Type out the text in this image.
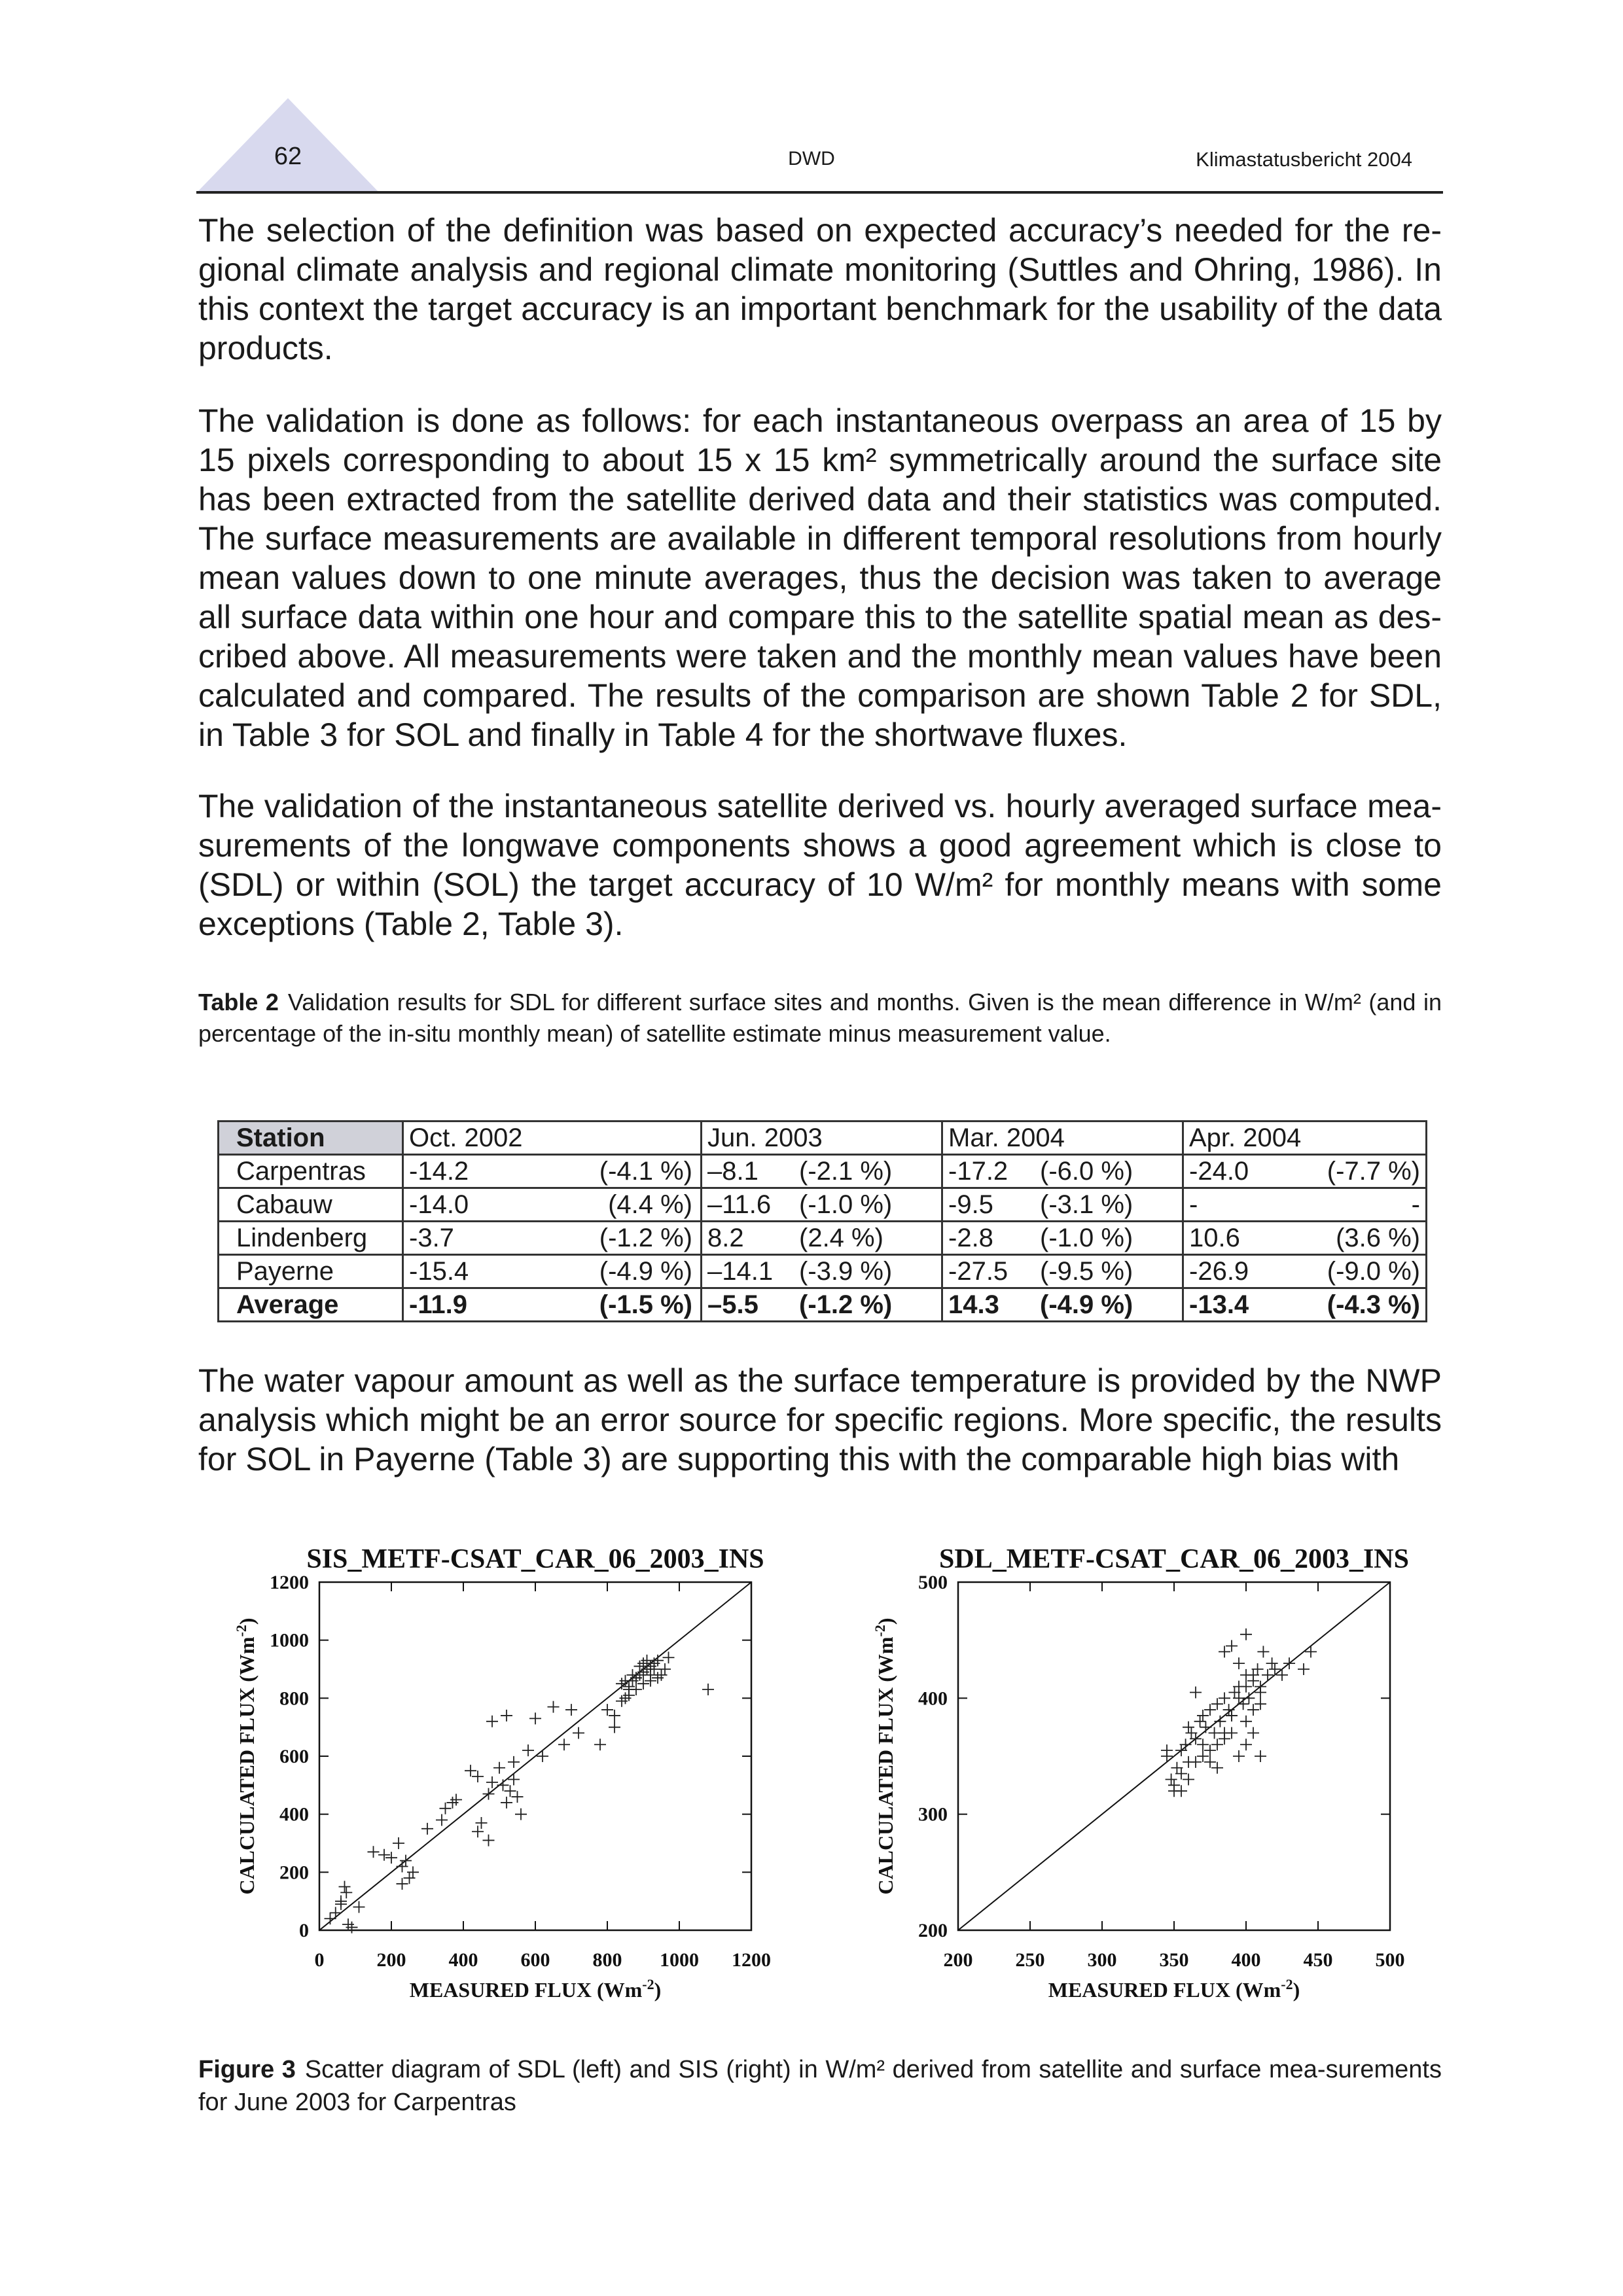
62	DWD	Klimastatusbericht 2004

The selection of the definition was based on expected accuracy’s needed for the re-gional climate analysis and regional climate monitoring (Suttles and Ohring, 1986). In this context the target accuracy is an important benchmark for the usability of the data products.

The validation is done as follows: for each instantaneous overpass an area of 15 by 15 pixels corresponding to about 15 x 15 km² symmetrically around the surface site has been extracted from the satellite derived data and their statistics was computed. The surface measurements are available in different temporal resolutions from hourly mean values down to one minute averages, thus the decision was taken to average all surface data within one hour and compare this to the satellite spatial mean as des-cribed above. All measurements were taken and the monthly mean values have been calculated and compared. The results of the comparison are shown Table 2 for SDL, in Table 3 for SOL and finally in Table 4 for the shortwave fluxes.

The validation of the instantaneous satellite derived vs. hourly averaged surface mea-surements of the longwave components shows a good agreement which is close to (SDL) or within (SOL) the target accuracy of 10 W/m² for monthly means with some exceptions (Table 2, Table 3).

Table 2 Validation results for SDL for different surface sites and months. Given is the mean difference in W/m² (and in percentage of the in-situ monthly mean) of satellite estimate minus measurement value.

Station	Oct. 2002	Jun. 2003	Mar. 2004	Apr. 2004
Carpentras	-14.2 (-4.1 %)	–8.1 (-2.1 %)	-17.2 (-6.0 %)	-24.0 (-7.7 %)

Cabauw	-14.0 (4.4 %)	–11.6 (-1.0 %)	-9.5 (-3.1 %)	- -

Lindenberg	-3.7 (-1.2 %)	8.2 (2.4 %)	-2.8 (-1.0 %)	10.6 (3.6 %)

Payerne	-15.4 (-4.9 %)	–14.1 (-3.9 %)	-27.5 (-9.5 %)	-26.9 (-9.0 %)

Average	-11.9 (-1.5 %)	–5.5 (-1.2 %)	14.3 (-4.9 %)	-13.4 (-4.3 %)

The water vapour amount as well as the surface temperature is provided by the NWP analysis which might be an error source for specific regions. More specific, the results for SOL in Payerne (Table 3) are supporting this with the comparable high bias with

SIS_METF-CSAT_CAR_06_2003_INS
0	200 400 600 800 1000 1200
0
200
400
600
800
1000
1200
MEASURED FLUX $(Wm^{-2})$
CALCULATED FLUX $(Wm^{-2})$
SDL_METF-CSAT_CAR_06_2003_INS
200 250 300 350 400 450 500
200
300
400
500
MEASURED FLUX $(Wm^{-2})$
CALCULATED FLUX $(Wm^{-2})$

Figure 3 Scatter diagram of SDL (left) and SIS (right) in W/m² derived from satellite and surface mea-surements for June 2003 for Carpentras
